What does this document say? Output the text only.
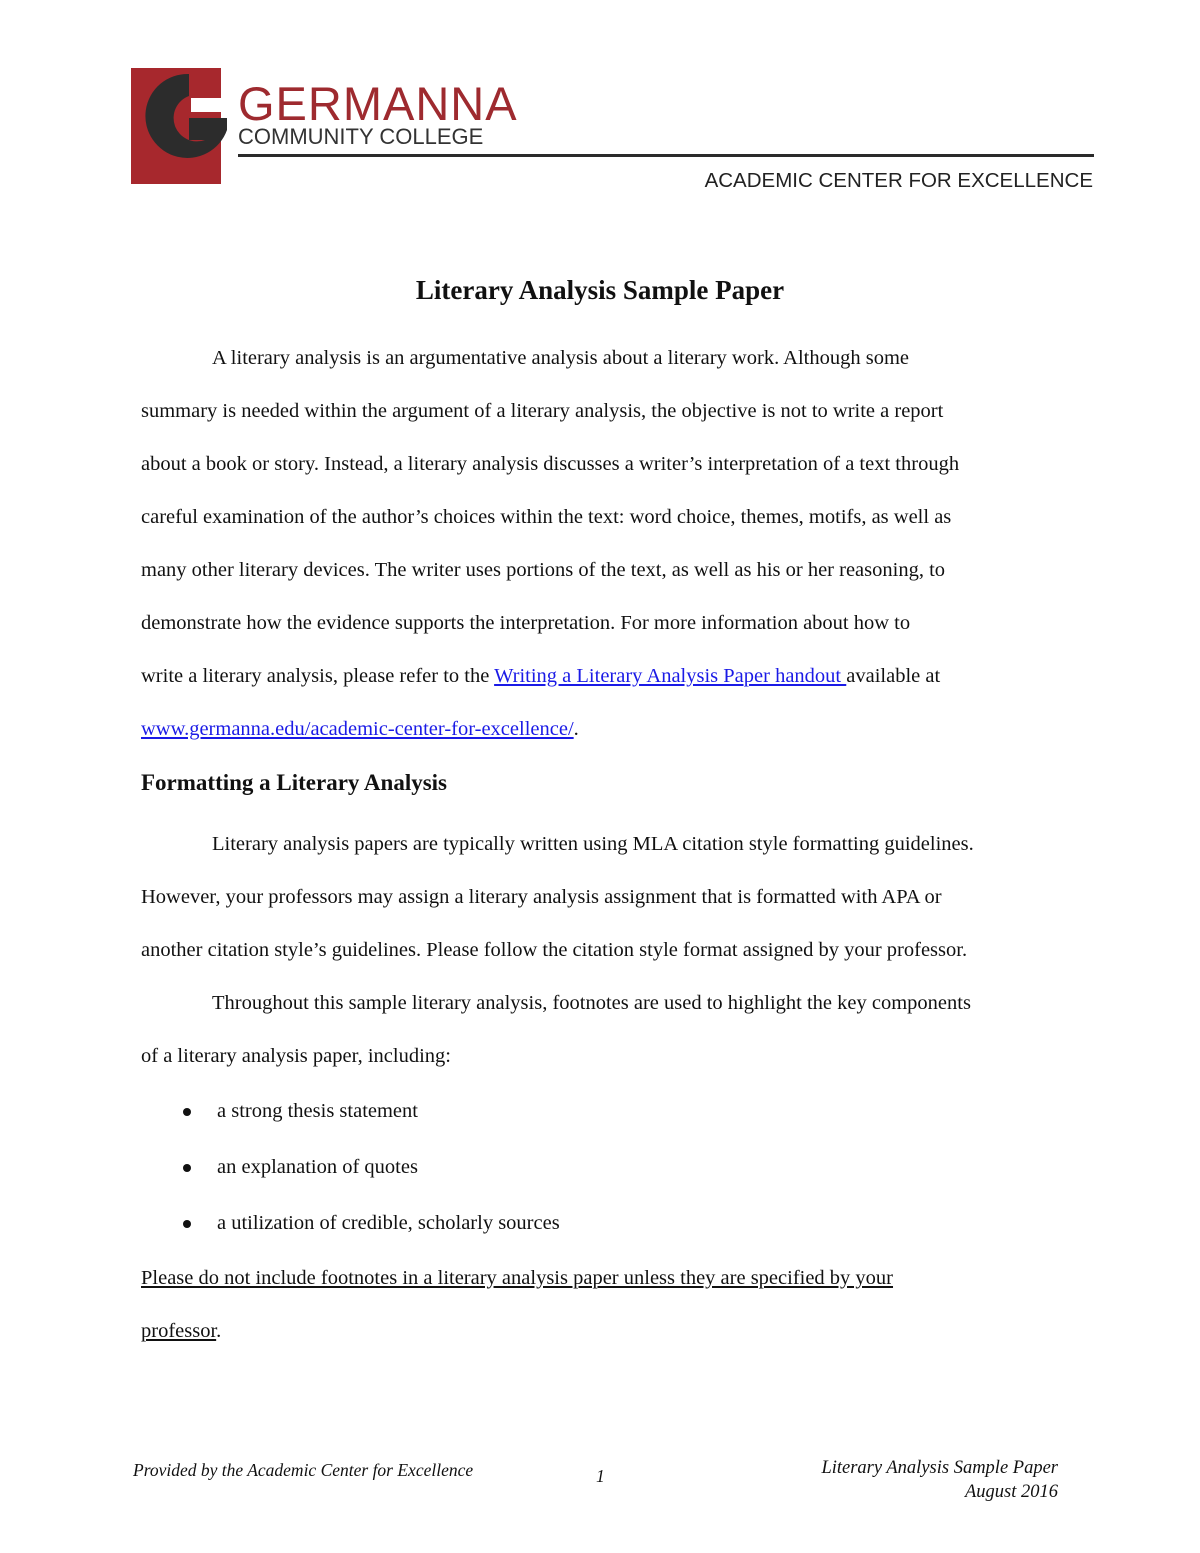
GERMANNA
COMMUNITY COLLEGE
ACADEMIC CENTER FOR EXCELLENCE
Literary Analysis Sample Paper
A literary analysis is an argumentative analysis about a literary work. Although some
summary is needed within the argument of a literary analysis, the objective is not to write a report
about a book or story. Instead, a literary analysis discusses a writer’s interpretation of a text through
careful examination of the author’s choices within the text: word choice, themes, motifs, as well as
many other literary devices. The writer uses portions of the text, as well as his or her reasoning, to
demonstrate how the evidence supports the interpretation. For more information about how to
write a literary analysis, please refer to the Writing a Literary Analysis Paper handout available at
www.germanna.edu/academic-center-for-excellence/.
Formatting a Literary Analysis
Literary analysis papers are typically written using MLA citation style formatting guidelines.
However, your professors may assign a literary analysis assignment that is formatted with APA or
another citation style’s guidelines. Please follow the citation style format assigned by your professor.
Throughout this sample literary analysis, footnotes are used to highlight the key components
of a literary analysis paper, including:
a strong thesis statement
an explanation of quotes
a utilization of credible, scholarly sources
Please do not include footnotes in a literary analysis paper unless they are specified by your
professor.
Provided by the Academic Center for Excellence	1	Literary Analysis Sample Paper
August 2016
